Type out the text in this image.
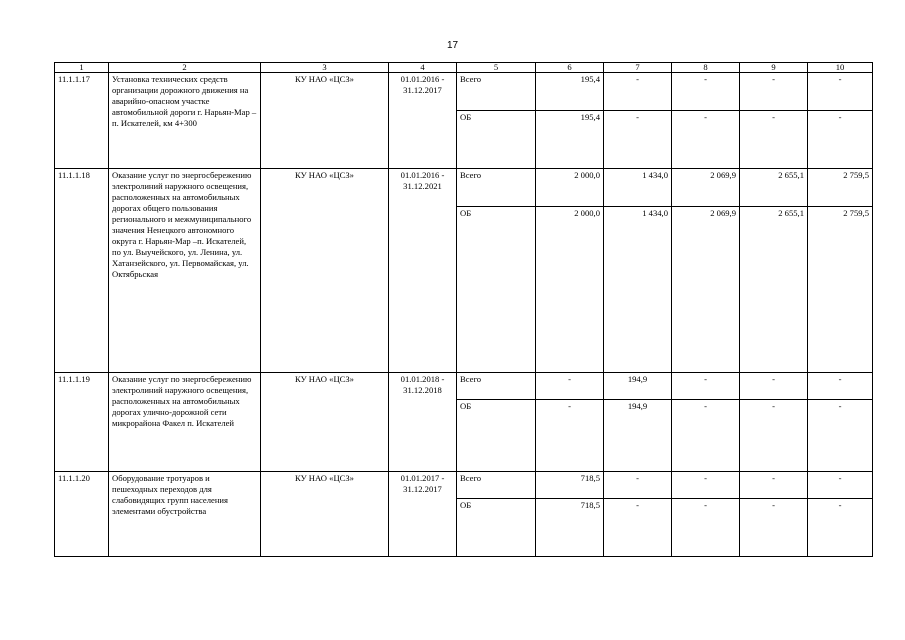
17
1	2	3	4	5	6	7	8	9	10
11.1.1.17	Установка технических средств организации дорожного движения на аварийно-опасном участке автомобильной дороги г. Нарьян-Мар – п. Искателей, км 4+300	КУ НАО «ЦСЗ»	01.01.2016 - 31.12.2017	Всего	195,4	-	-	-	-
				ОБ	195,4	-	-	-	-
11.1.1.18	Оказание услуг по энергосбережению электролиний наружного освещения, расположенных на автомобильных дорогах общего пользования регионального и межмуниципального значения Ненецкого автономного округа г. Нарьян-Мар –п. Искателей, по ул. Выучейского, ул. Ленина, ул. Хатанзейского, ул. Первомайская, ул. Октябрьская	КУ НАО «ЦСЗ»	01.01.2016 - 31.12.2021	Всего	2 000,0	1 434,0	2 069,9	2 655,1	2 759,5
				ОБ	2 000,0	1 434,0	2 069,9	2 655,1	2 759,5
11.1.1.19	Оказание услуг по энергосбережению электролиний наружного освещения, расположенных на автомобильных дорогах улично-дорожной сети микрорайона Факел п. Искателей	КУ НАО «ЦСЗ»	01.01.2018 - 31.12.2018	Всего	-	194,9	-	-	-
				ОБ	-	194,9	-	-	-
11.1.1.20	Оборудование тротуаров и пешеходных переходов для слабовидящих групп населения элементами обустройства	КУ НАО «ЦСЗ»	01.01.2017 - 31.12.2017	Всего	718,5	-	-	-	-
				ОБ	718,5	-	-	-	-
